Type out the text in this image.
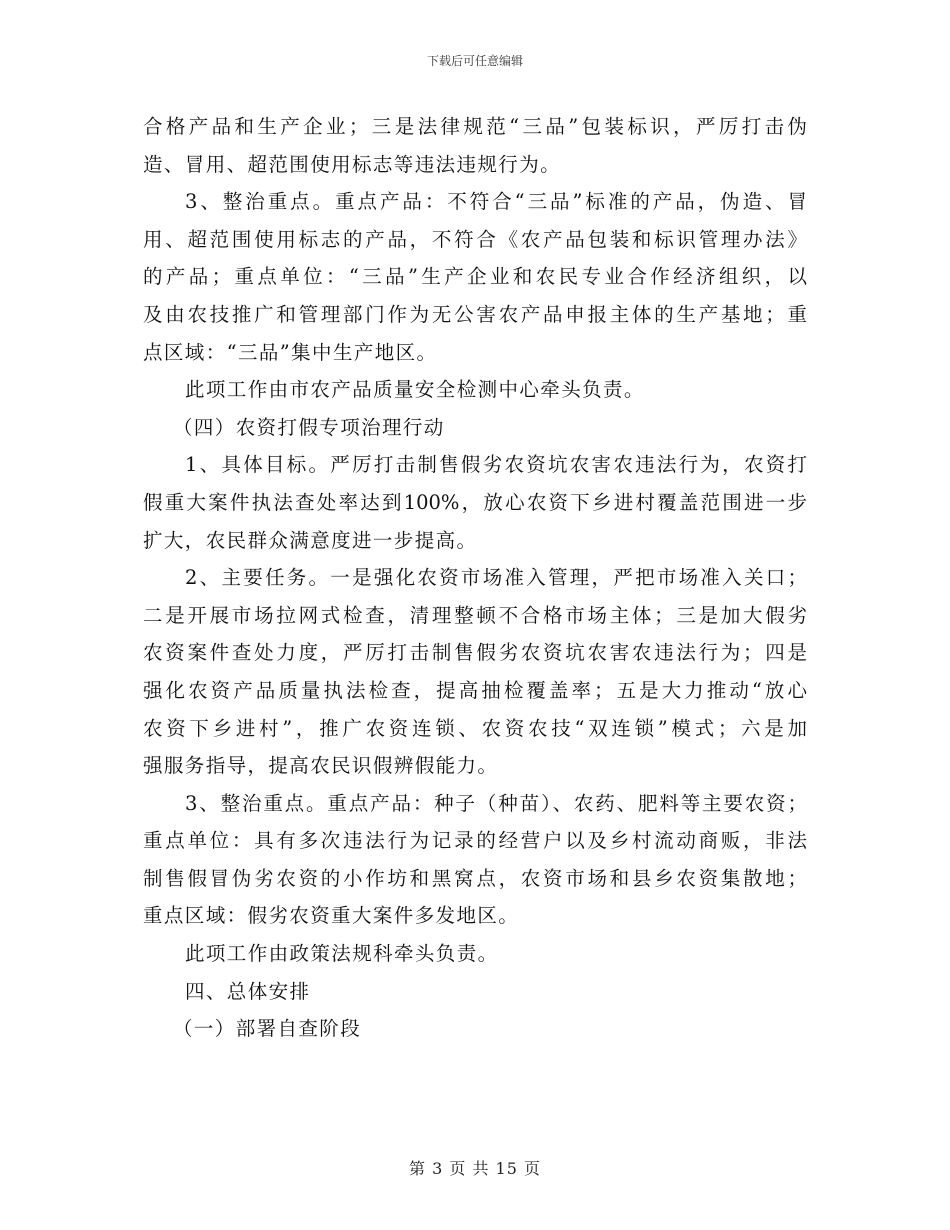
下载后可任意编辑
合格产品和生产企业；三是法律规范“三品”包装标识，严厉打击伪
造、冒用、超范围使用标志等违法违规行为。
3、整治重点。重点产品：不符合“三品”标准的产品，伪造、冒
用、超范围使用标志的产品，不符合《农产品包装和标识管理办法》
的产品；重点单位：“三品”生产企业和农民专业合作经济组织，以
及由农技推广和管理部门作为无公害农产品申报主体的生产基地；重
点区域：“三品”集中生产地区。
此项工作由市农产品质量安全检测中心牵头负责。
（四）农资打假专项治理行动
1、具体目标。严厉打击制售假劣农资坑农害农违法行为，农资打
假重大案件执法查处率达到100%，放心农资下乡进村覆盖范围进一步
扩大，农民群众满意度进一步提高。
2、主要任务。一是强化农资市场准入管理，严把市场准入关口；
二是开展市场拉网式检查，清理整顿不合格市场主体；三是加大假劣
农资案件查处力度，严厉打击制售假劣农资坑农害农违法行为；四是
强化农资产品质量执法检查，提高抽检覆盖率；五是大力推动“放心
农资下乡进村”，推广农资连锁、农资农技“双连锁”模式；六是加
强服务指导，提高农民识假辨假能力。
3、整治重点。重点产品：种子（种苗）、农药、肥料等主要农资；
重点单位：具有多次违法行为记录的经营户以及乡村流动商贩，非法
制售假冒伪劣农资的小作坊和黑窝点，农资市场和县乡农资集散地；
重点区域：假劣农资重大案件多发地区。
此项工作由政策法规科牵头负责。
四、总体安排
（一）部署自查阶段
第 3 页 共 15 页
